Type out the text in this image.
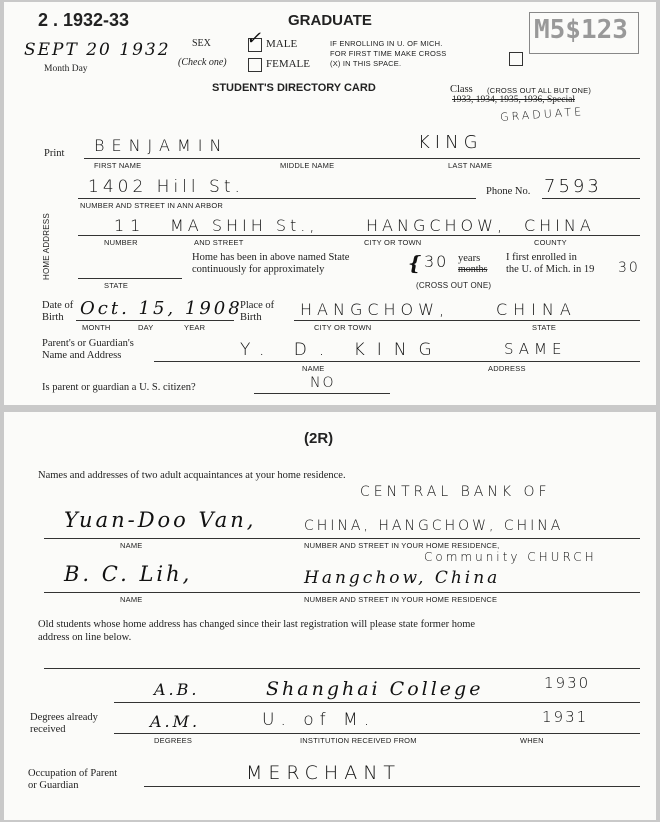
2 . 1932-33	GRADUATE	M5$123
SEPT 20 1932
Month Day
SEX
(Check one)
✓ MALE
FEMALE
IF ENROLLING IN U. OF MICH.
FOR FIRST TIME MAKE CROSS
(X) IN THIS SPACE.
STUDENT'S DIRECTORY CARD	Class (CROSS OUT ALL BUT ONE)
1933, 1934, 1935, 1936, Special
GRADUATE
Print BENJAMIN	KING
FIRST NAME	MIDDLE NAME	LAST NAME
1402 Hill St.
NUMBER AND STREET IN ANN ARBOR
Phone No. 7593
HOME ADDRESS	11 MA SHIH St.,	HANGCHOW, CHINA
NUMBER	AND STREET	CITY OR TOWN	COUNTY
STATE
Home has been in above named State
continuously for approximately	{ 30 years
months
(CROSS OUT ONE)
I first enrolled in
the U. of Mich. in 19 30
Date of
Birth Oct. 15, 1908
MONTH	DAY	YEAR
Place of
Birth	HANGCHOW,	CHINA
CITY OR TOWN	STATE
Parent's or Guardian's
Name and Address	Y. D. KING	SAME
NAME	ADDRESS
Is parent or guardian a U. S. citizen?	NO
(2R)
Names and addresses of two adult acquaintances at your home residence.
CENTRAL BANK OF
Yuan-Doo Van,	CHINA, HANGCHOW, CHINA
NAME	NUMBER AND STREET IN YOUR HOME RESIDENCE,
Community CHURCH
B. C. Lih,	Hangchow, China
NAME	NUMBER AND STREET IN YOUR HOME RESIDENCE
Old students whose home address has changed since their last registration will please state former home
address on line below.
A.B.	Shanghai College	1930
Degrees already
received	A.M.	U. of M.	1931
DEGREES	INSTITUTION RECEIVED FROM	WHEN
Occupation of Parent
or Guardian
MERCHANT
